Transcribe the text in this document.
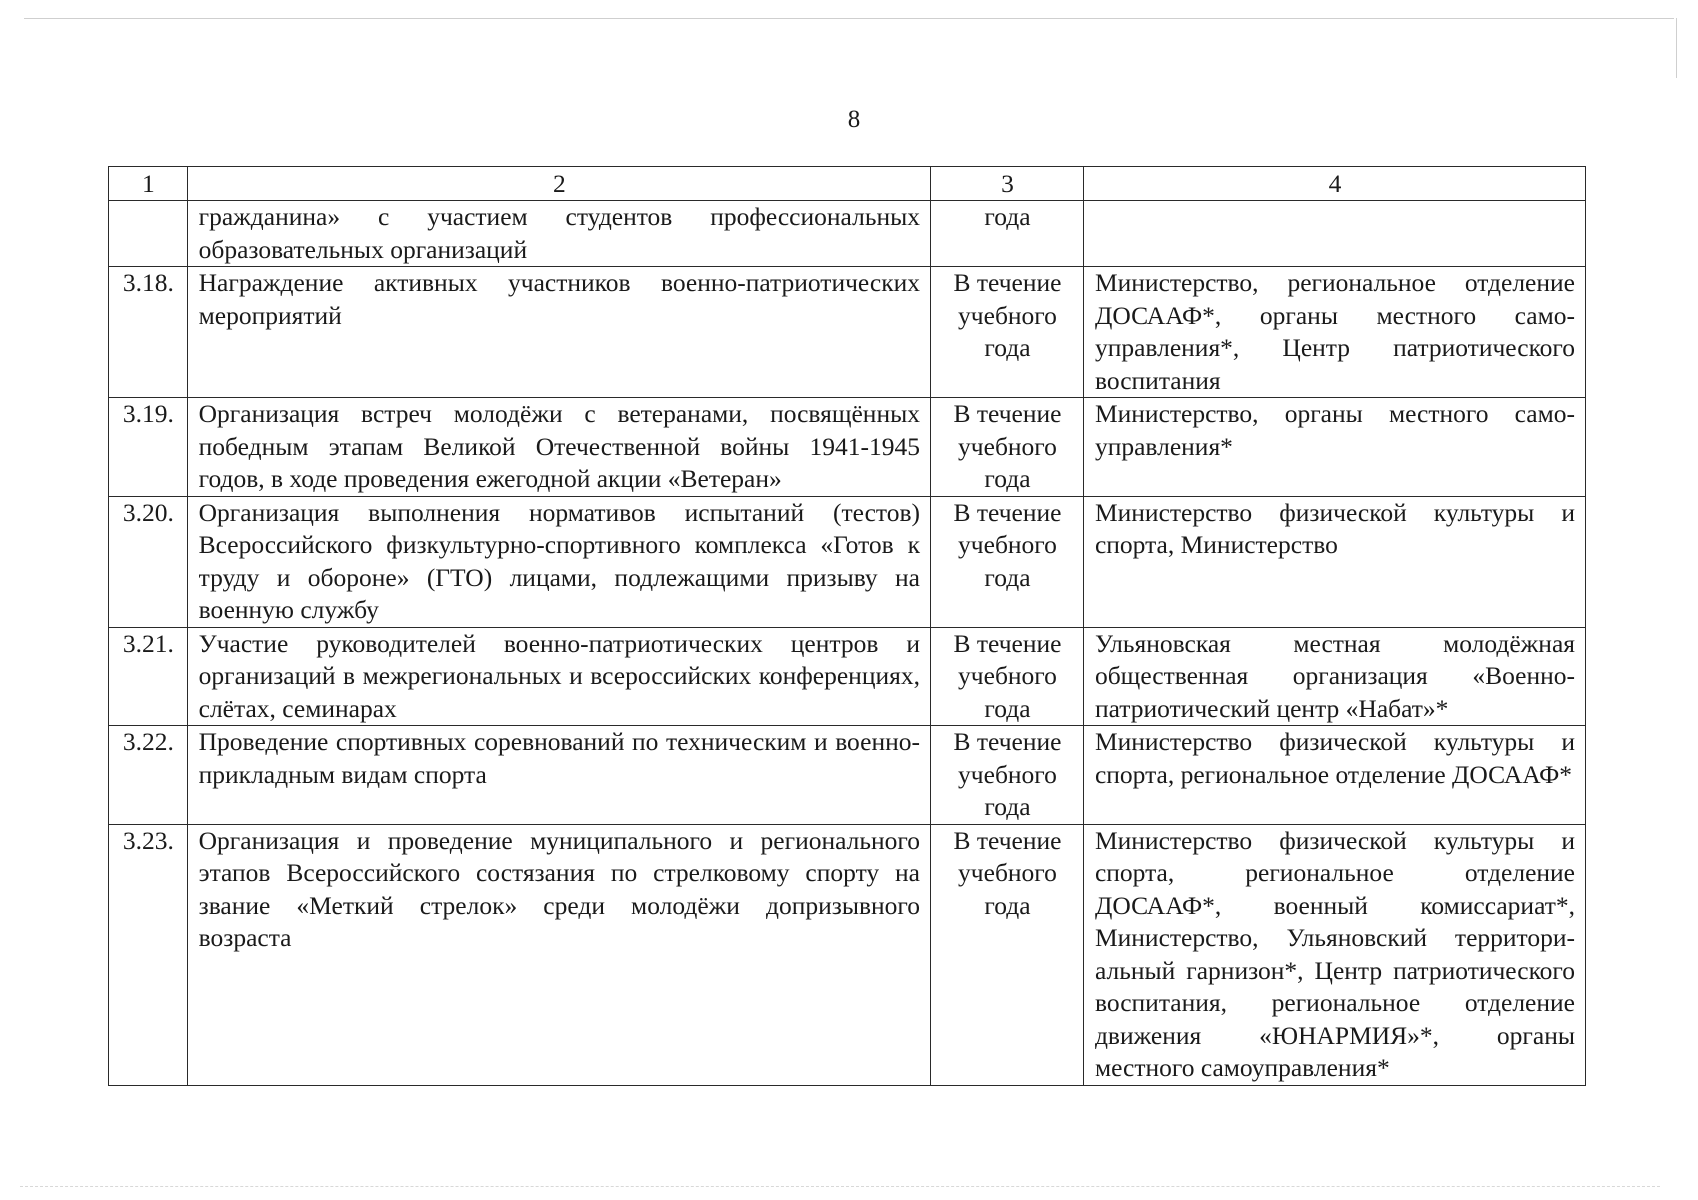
8
1	2	3	4
	гражданина» с участием студентов профессиональных образовательных организаций	года	
3.18.	Награждение активных участников военно-патриотических мероприятий	В течение учебного года	Министерство, региональное отделение ДОСААФ*, органы местного самоуправления*, Центр патриотического воспитания
3.19.	Организация встреч молодёжи с ветеранами, посвящённых победным этапам Великой Отечественной войны 1941-1945 годов, в ходе проведения ежегодной акции «Ветеран»	В течение учебного года	Министерство, органы местного самоуправления*
3.20.	Организация выполнения нормативов испытаний (тестов) Всероссийского физкультурно-спортивного комплекса «Готов к труду и обороне» (ГТО) лицами, подлежащими призыву на военную службу	В течение учебного года	Министерство физической культуры и спорта, Министерство
3.21.	Участие руководителей военно-патриотических центров и организаций в межрегиональных и всероссийских конференциях, слётах, семинарах	В течение учебного года	Ульяновская местная молодёжная общественная организация «Военно-патриотический центр «Набат»*
3.22.	Проведение спортивных соревнований по техническим и военно-прикладным видам спорта	В течение учебного года	Министерство физической культуры и спорта, региональное отделение ДОСААФ*
3.23.	Организация и проведение муниципального и регионального этапов Всероссийского состязания по стрелковому спорту на звание «Меткий стрелок» среди молодёжи допризывного возраста	В течение учебного года	Министерство физической культуры и спорта, региональное отделение ДОСААФ*, военный комиссариат*, Министерство, Ульяновский территориальный гарнизон*, Центр патриотического воспитания, региональное отделение движения «ЮНАРМИЯ»*, органы местного самоуправления*
